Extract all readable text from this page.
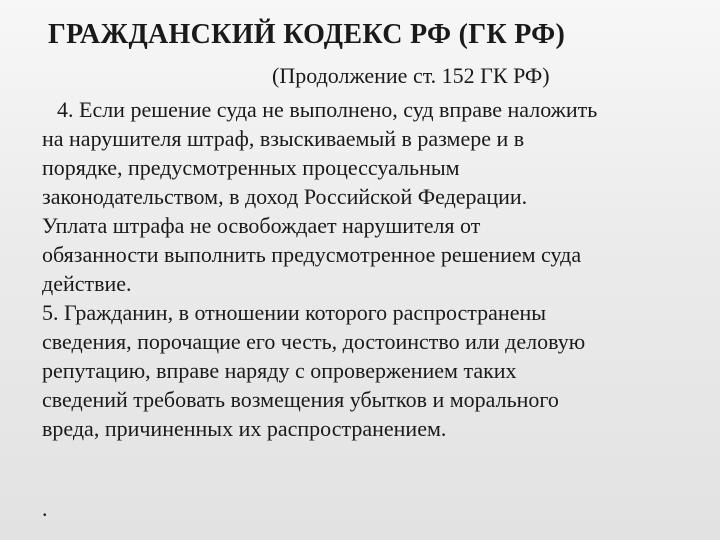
ГРАЖДАНСКИЙ КОДЕКС РФ (ГК РФ)
(Продолжение ст. 152 ГК РФ)
4. Если решение суда не выполнено, суд вправе наложить
на нарушителя штраф, взыскиваемый в размере и в
порядке, предусмотренных процессуальным
законодательством, в доход Российской Федерации.
Уплата штрафа не освобождает нарушителя от
обязанности выполнить предусмотренное решением суда
действие.
5. Гражданин, в отношении которого распространены
сведения, порочащие его честь, достоинство или деловую
репутацию, вправе наряду с опровержением таких
сведений требовать возмещения убытков и морального
вреда, причиненных их распространением.
.
